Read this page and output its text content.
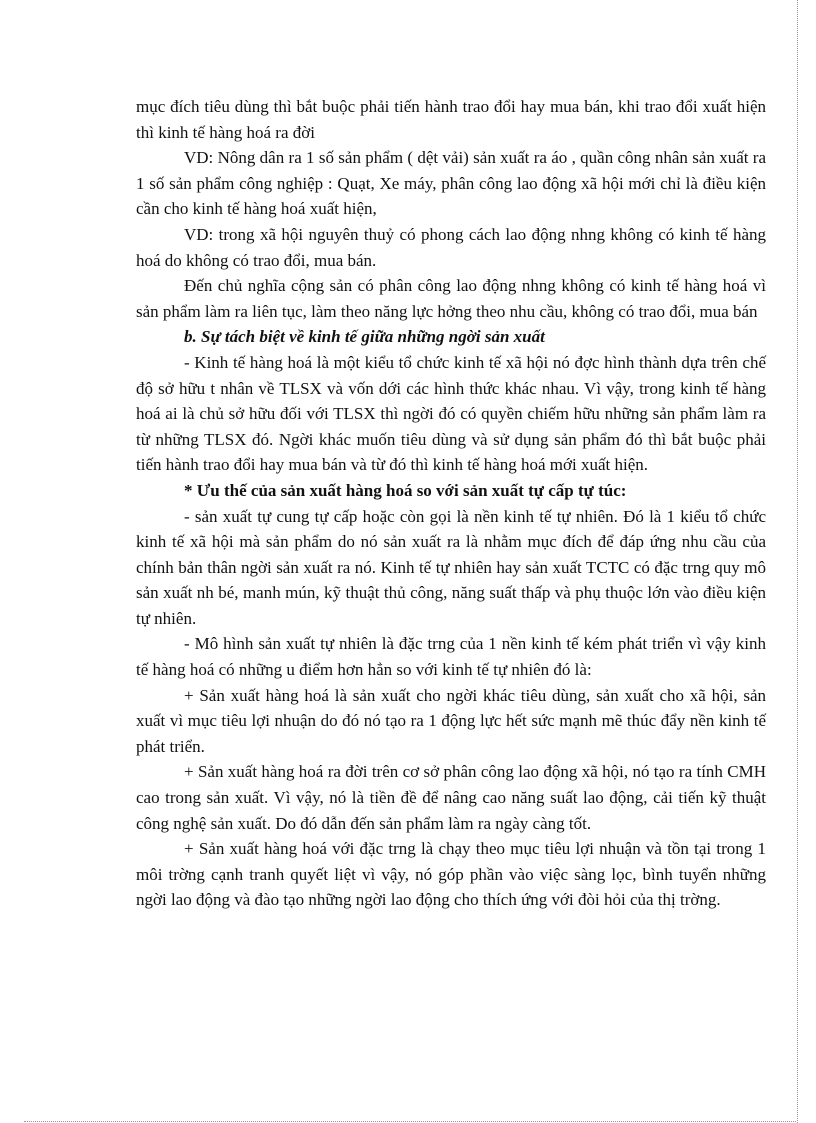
mục đích tiêu dùng thì bắt buộc phải tiến hành trao đổi hay mua bán, khi trao đổi xuất hiện thì kinh tế hàng hoá ra đời

VD: Nông dân ra 1 số sản phẩm ( dệt vải) sản xuất ra áo , quần công nhân sản xuất ra 1 số sản phẩm công nghiệp : Quạt, Xe máy, phân công lao động xã hội mới chỉ là điều kiện cần cho kinh tế hàng hoá xuất hiện,

VD: trong xã hội nguyên thuỷ có phong cách lao động nhng không có kinh tế hàng hoá do không có trao đổi, mua bán.

Đến chủ nghĩa cộng sản có phân công lao động nhng không có kinh tế hàng hoá vì sản phẩm làm ra liên tục, làm theo năng lực hởng theo nhu cầu, không có trao đổi, mua bán

b. Sự tách biệt về kinh tế giữa những ngời sản xuất

- Kinh tế hàng hoá là một kiểu tổ chức kinh tế xã hội nó đợc hình thành dựa trên chế độ sở hữu t nhân về TLSX và vốn dới các hình thức khác nhau. Vì vậy, trong kinh tế hàng hoá ai là chủ sở hữu đối với TLSX thì ngời đó có quyền chiếm hữu những sản phẩm làm ra từ những TLSX đó. Ngời khác muốn tiêu dùng và sử dụng sản phẩm đó thì bắt buộc phải tiến hành trao đổi hay mua bán và từ đó thì kinh tế hàng hoá mới xuất hiện.

* Ưu thế của sản xuất hàng hoá so với sản xuất tự cấp tự túc:

- sản xuất tự cung tự cấp hoặc còn gọi là nền kinh tế tự nhiên. Đó là 1 kiểu tổ chức kinh tế xã hội mà sản phẩm do nó sản xuất ra là nhằm mục đích để đáp ứng nhu cầu của chính bản thân ngời sản xuất ra nó. Kinh tế tự nhiên hay sản xuất TCTC có đặc trng quy mô sản xuất nh bé, manh mún, kỹ thuật thủ công, năng suất thấp và phụ thuộc lớn vào điều kiện tự nhiên.

- Mô hình sản xuất tự nhiên là đặc trng của 1 nền kinh tế kém phát triển vì vậy kinh tế hàng hoá có những u điểm hơn hẳn so với kinh tế tự nhiên đó là:

+ Sản xuất hàng hoá là sản xuất cho ngời khác tiêu dùng, sản xuất cho xã hội, sản xuất vì mục tiêu lợi nhuận do đó nó tạo ra 1 động lực hết sức mạnh mẽ thúc đẩy nền kinh tế phát triển.

+ Sản xuất hàng hoá ra đời trên cơ sở phân công lao động xã hội, nó tạo ra tính CMH cao trong sản xuất. Vì vậy, nó là tiền đề để nâng cao năng suất lao động, cải tiến kỹ thuật công nghệ sản xuất. Do đó dẫn đến sản phẩm làm ra ngày càng tốt.

+ Sản xuất hàng hoá với đặc trng là chạy theo mục tiêu lợi nhuận và tồn tại trong 1 môi trờng cạnh tranh quyết liệt vì vậy, nó góp phần vào việc sàng lọc, bình tuyển những ngời lao động và đào tạo những ngời lao động cho thích ứng với đòi hỏi của thị trờng.
